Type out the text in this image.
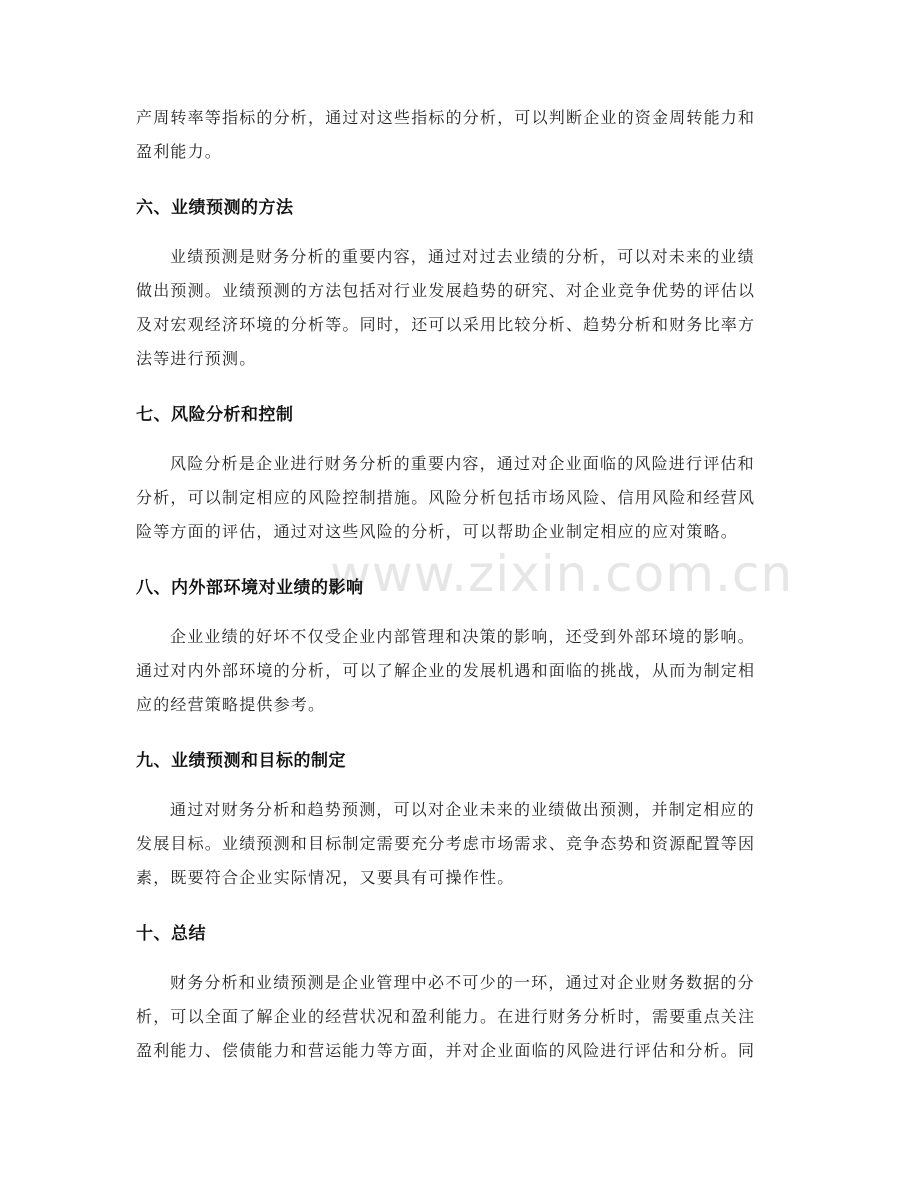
www.zixin.com.cn

产周转率等指标的分析，通过对这些指标的分析，可以判断企业的资金周转能力和
盈利能力。

六、业绩预测的方法

业绩预测是财务分析的重要内容，通过对过去业绩的分析，可以对未来的业绩
做出预测。业绩预测的方法包括对行业发展趋势的研究、对企业竞争优势的评估以
及对宏观经济环境的分析等。同时，还可以采用比较分析、趋势分析和财务比率方
法等进行预测。

七、风险分析和控制

风险分析是企业进行财务分析的重要内容，通过对企业面临的风险进行评估和
分析，可以制定相应的风险控制措施。风险分析包括市场风险、信用风险和经营风
险等方面的评估，通过对这些风险的分析，可以帮助企业制定相应的应对策略。

八、内外部环境对业绩的影响

企业业绩的好坏不仅受企业内部管理和决策的影响，还受到外部环境的影响。
通过对内外部环境的分析，可以了解企业的发展机遇和面临的挑战，从而为制定相
应的经营策略提供参考。

九、业绩预测和目标的制定

通过对财务分析和趋势预测，可以对企业未来的业绩做出预测，并制定相应的
发展目标。业绩预测和目标制定需要充分考虑市场需求、竞争态势和资源配置等因
素，既要符合企业实际情况，又要具有可操作性。

十、总结

财务分析和业绩预测是企业管理中必不可少的一环，通过对企业财务数据的分
析，可以全面了解企业的经营状况和盈利能力。在进行财务分析时，需要重点关注
盈利能力、偿债能力和营运能力等方面，并对企业面临的风险进行评估和分析。同
